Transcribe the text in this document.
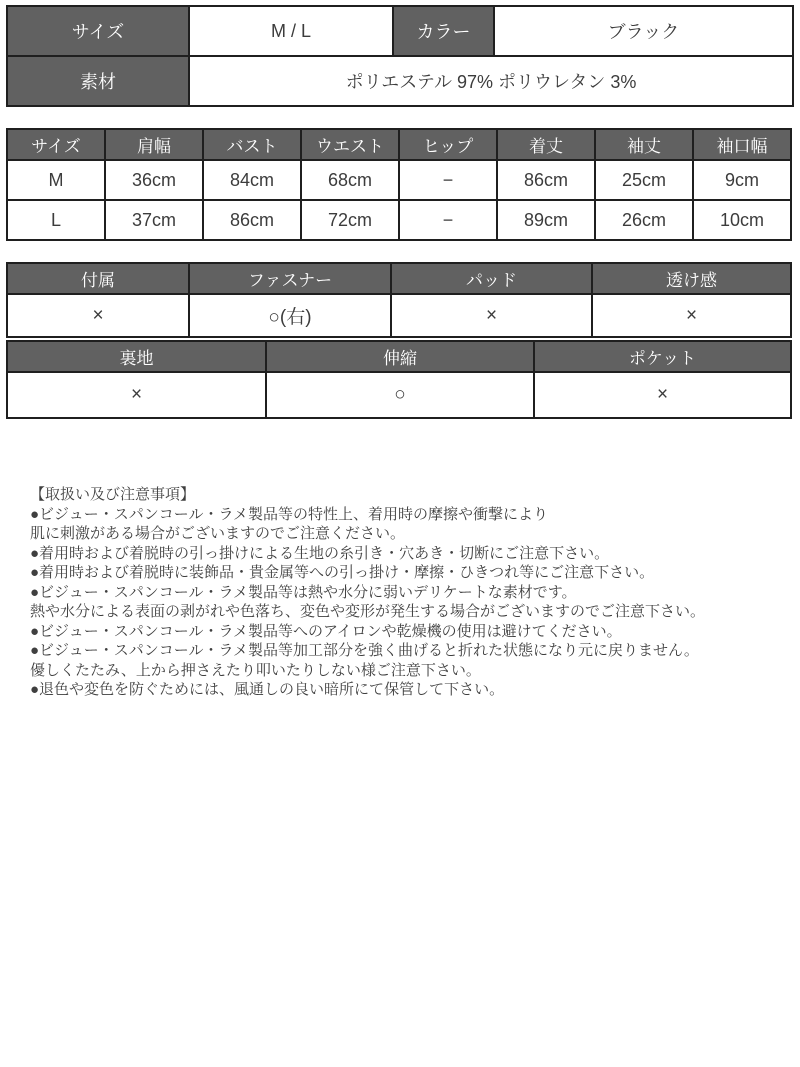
サイズ	M / L	カラー	ブラック
素材	ポリエステル 97% ポリウレタン 3%		
サイズ	肩幅	バスト	ウエスト	ヒップ	着丈	袖丈	袖口幅
M	36cm	84cm	68cm	−	86cm	25cm	9cm
L	37cm	86cm	72cm	−	89cm	26cm	10cm
付属	ファスナー	パッド	透け感
×	○(右)	×	×
裏地	伸縮	ポケット
×	○	×

【取扱い及び注意事項】

●ビジュー・スパンコール・ラメ製品等の特性上、着用時の摩擦や衝撃により

肌に刺激がある場合がございますのでご注意ください。

●着用時および着脱時の引っ掛けによる生地の糸引き・穴あき・切断にご注意下さい。

●着用時および着脱時に装飾品・貴金属等への引っ掛け・摩擦・ひきつれ等にご注意下さい。

●ビジュー・スパンコール・ラメ製品等は熱や水分に弱いデリケートな素材です。

熱や水分による表面の剥がれや色落ち、変色や変形が発生する場合がございますのでご注意下さい。

●ビジュー・スパンコール・ラメ製品等へのアイロンや乾燥機の使用は避けてください。

●ビジュー・スパンコール・ラメ製品等加工部分を強く曲げると折れた状態になり元に戻りません。

優しくたたみ、上から押さえたり叩いたりしない様ご注意下さい。

●退色や変色を防ぐためには、風通しの良い暗所にて保管して下さい。
